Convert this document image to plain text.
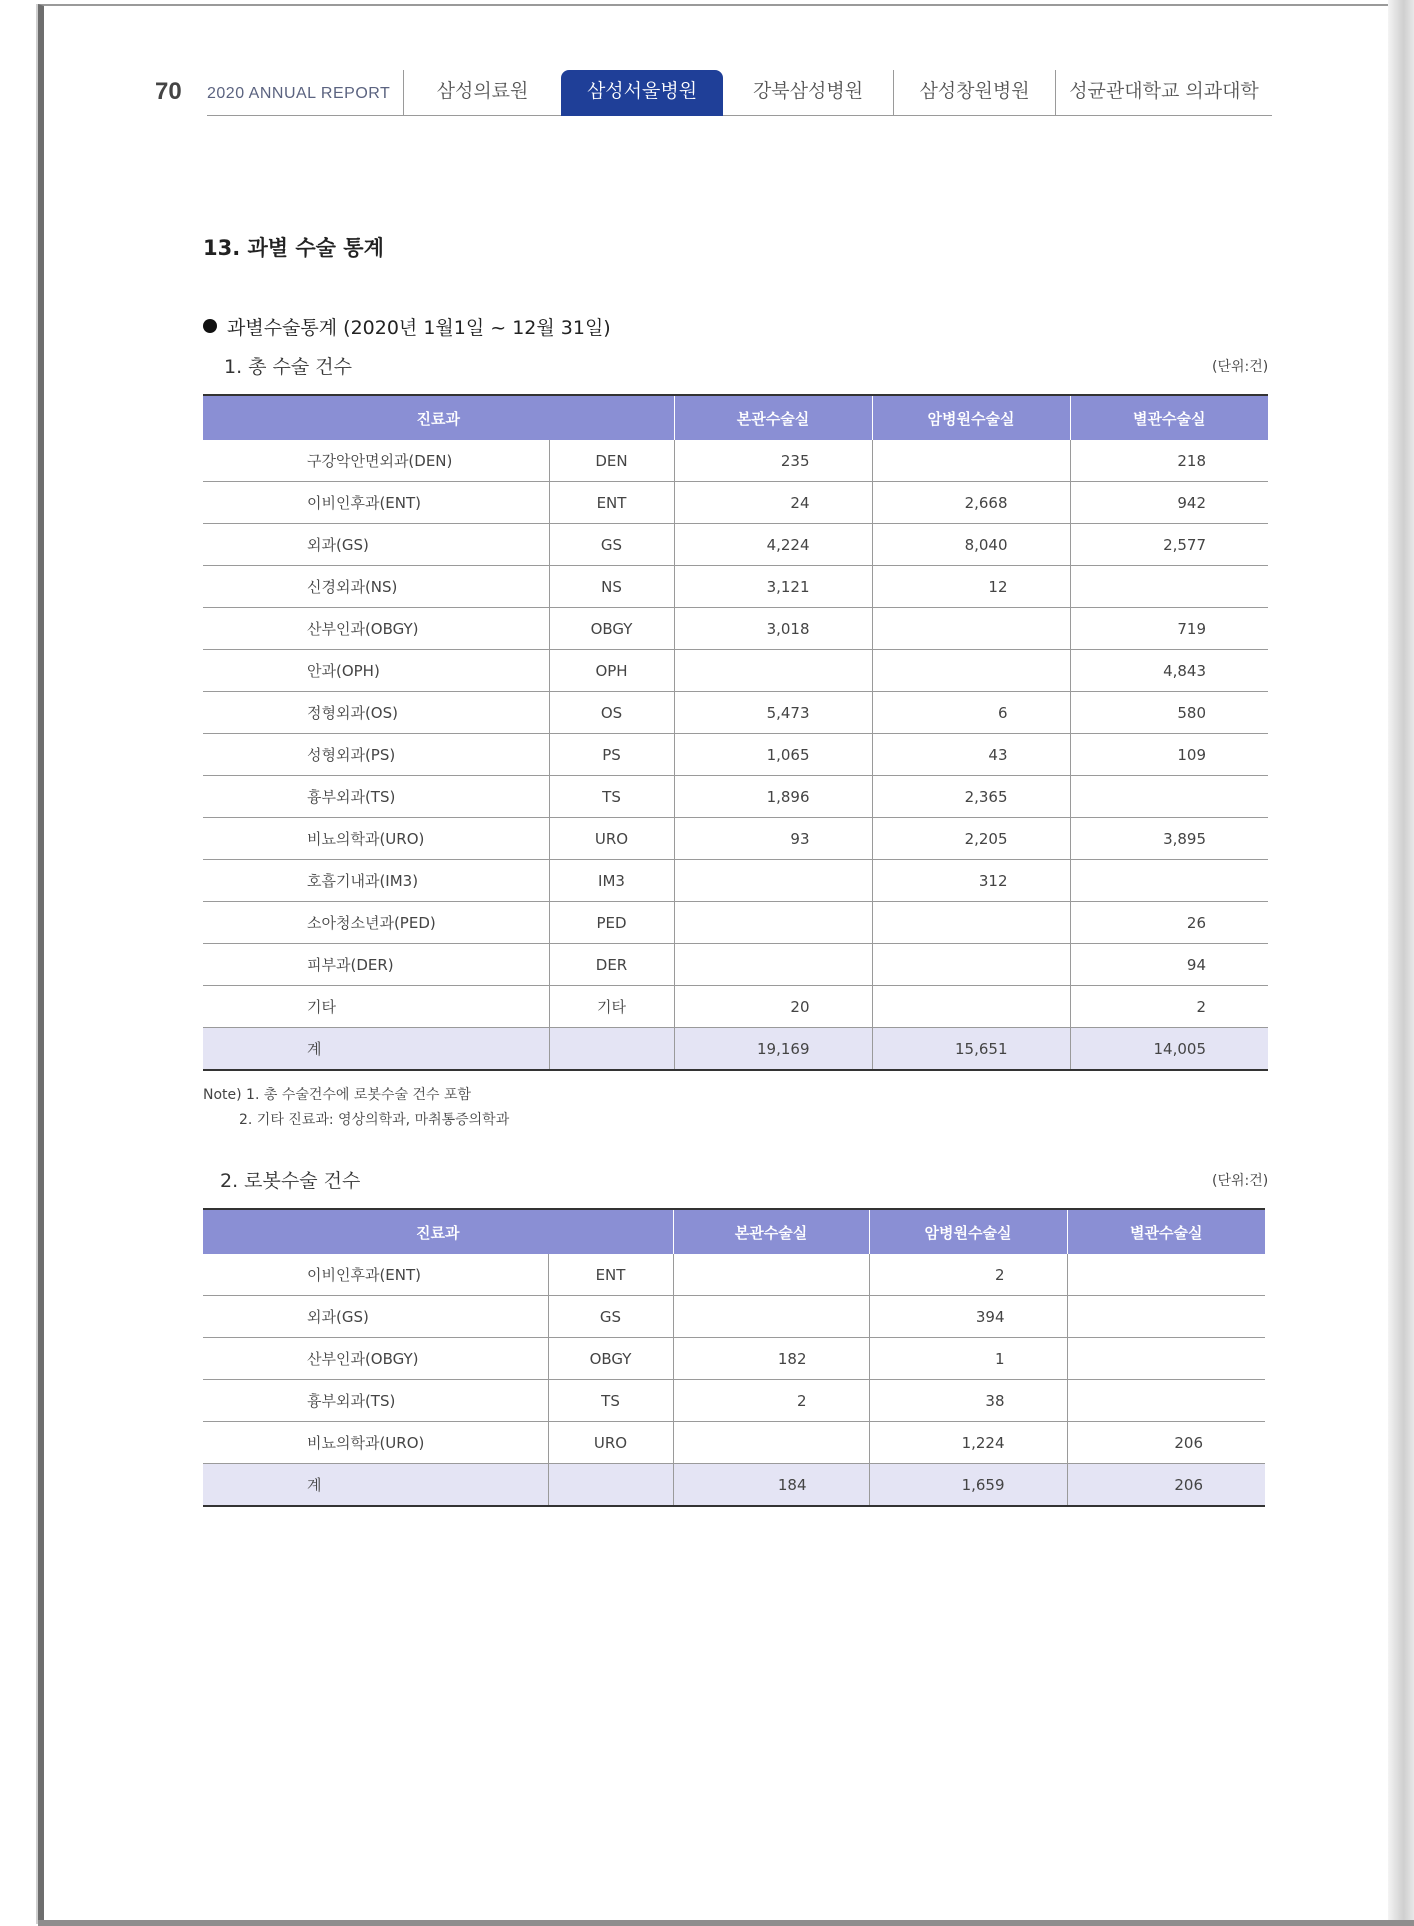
70 2020 ANNUAL REPORT	삼성의료원	삼성서울병원	강북삼성병원	삼성창원병원	성균관대학교 의과대학
13. 과별 수술 통계
과별수술통계 (2020년 1월1일 ~ 12월 31일)
1. 총 수술 건수	(단위:건)
진료과		본관수술실	암병원수술실	별관수술실
구강악안면외과(DEN)	DEN	235		218
이비인후과(ENT)	ENT	24	2,668	942
외과(GS)	GS	4,224	8,040	2,577
신경외과(NS)	NS	3,121	12	
산부인과(OBGY)	OBGY	3,018		719
안과(OPH)	OPH			4,843
정형외과(OS)	OS	5,473	6	580
성형외과(PS)	PS	1,065	43	109
흉부외과(TS)	TS	1,896	2,365	
비뇨의학과(URO)	URO	93	2,205	3,895
호흡기내과(IM3)	IM3		312	
소아청소년과(PED)	PED			26
피부과(DER)	DER			94
기타	기타	20		2
계		19,169	15,651	14,005
Note) 1. 총 수술건수에 로봇수술 건수 포함
2. 기타 진료과: 영상의학과, 마취통증의학과
2. 로봇수술 건수	(단위:건)
진료과		본관수술실	암병원수술실	별관수술실
이비인후과(ENT)	ENT		2	
외과(GS)	GS		394	
산부인과(OBGY)	OBGY	182	1	
흉부외과(TS)	TS	2	38	
비뇨의학과(URO)	URO		1,224	206
계		184	1,659	206
